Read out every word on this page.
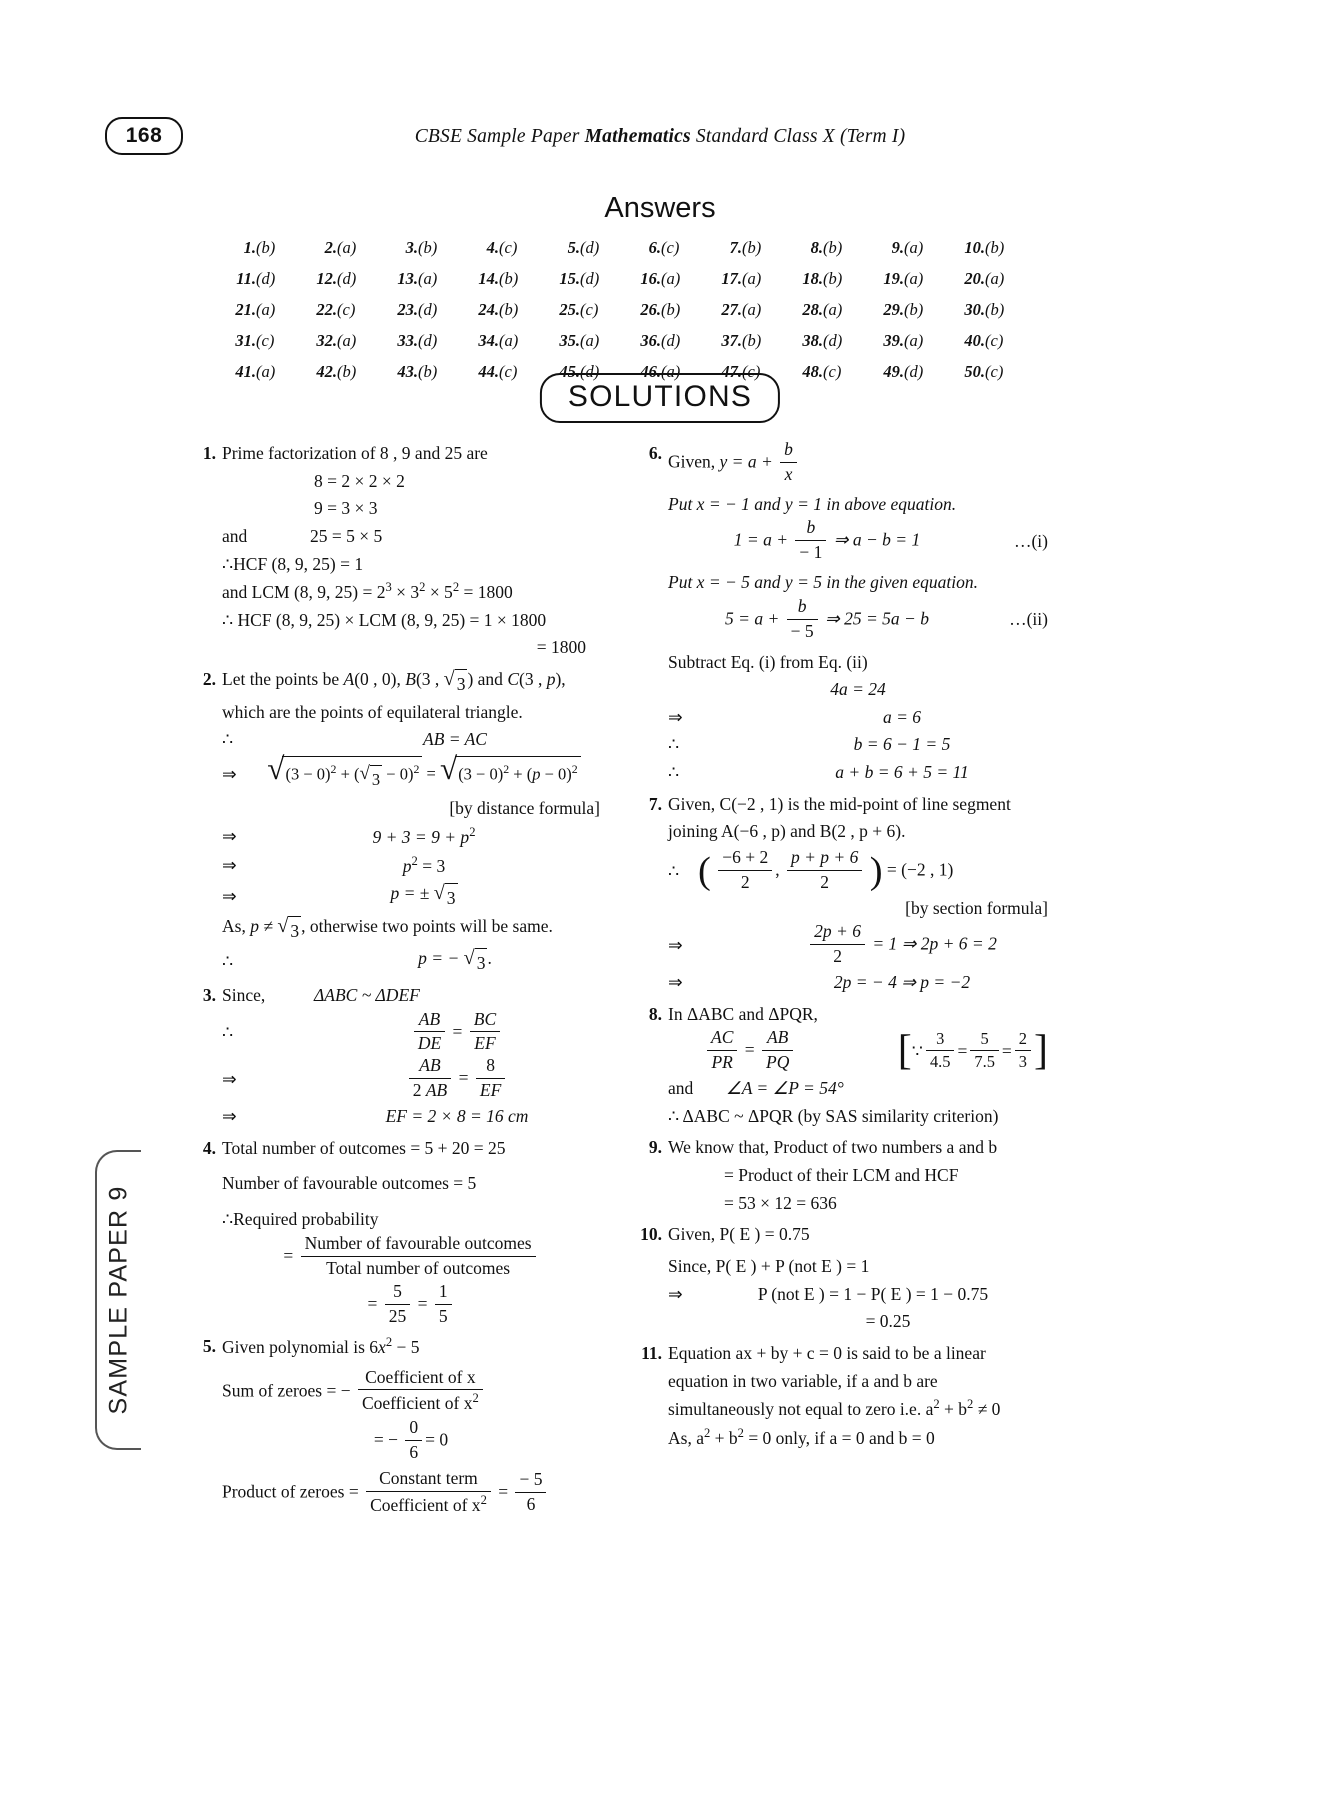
168	CBSE Sample Paper Mathematics Standard Class X (Term I)
SAMPLE PAPER 9
Answers
1.	(b)	2.	(a)	3.	(b)	4.	(c)	5.	(d)	6.	(c)	7.	(b)	8.	(b)	9.	(a)	10.	(b)
11.	(d)	12.	(d)	13.	(a)	14.	(b)	15.	(d)	16.	(a)	17.	(a)	18.	(b)	19.	(a)	20.	(a)
21.	(a)	22.	(c)	23.	(d)	24.	(b)	25.	(c)	26.	(b)	27.	(a)	28.	(a)	29.	(b)	30.	(b)
31.	(c)	32.	(a)	33.	(d)	34.	(a)	35.	(a)	36.	(d)	37.	(b)	38.	(d)	39.	(a)	40.	(c)
41.	(a)	42.	(b)	43.	(b)	44.	(c)	45.	(d)	46.	(a)	47.	(c)	48.	(c)	49.	(d)	50.	(c)
SOLUTIONS
1. Prime factorization of 8 , 9 and 25 are
8 = 2 × 2 × 2
9 = 3 × 3
and	25 = 5 × 5
∴HCF (8, 9, 25) = 1
and LCM (8, 9, $25) = 2^3 \times 3^2 \times 5^2 = 1800$
∴ HCF (8, 9, 25) × LCM (8, 9, 25) = 1 × 1800
= 1800
2. Let the points be A(0 , 0), B(3 , √ 3 ) and C(3 , p),
which are the points of equilateral triangle.
∴	AB = AC
⇒ √ $(3 - 0)^2$ + ( √ 3 − 0)$^2$ = √ $(3 - 0)^2 + (p - 0)^2$
[by distance formula]
⇒	$9 + 3 = 9 + p^2$
⇒	$p^2 = 3$
⇒	p = ± √ 3
As, p ≠ √ 3 , otherwise two points will be same.
∴	p = − √ 3 .
3. Since,	ΔABC ~ ΔDEF
∴	$\frac{AB}{DE} = \frac{BC}{EF}$
⇒	$\frac{AB}{2 AB} = \frac{8}{EF}$
⇒	EF = 2 × 8 = 16 cm
4. Total number of outcomes = 5 + 20 = 25
Number of favourable outcomes = 5
∴Required probability
= $\frac{\text{Number of favourable outcomes}}{\text{Total number of outcomes}}$
= $\frac{5}{25} = \frac{1}{5}$
5. Given polynomial is $6x^2 - 5$
Sum of zeroes = − $\frac{\text{Coefficient of x}}{Coefficient of x^2}$
= − $\frac{0}{6} = 0$
Product of zeroes = $\frac{\text{Constant term}}{Coefficient of x^2} = \frac{- 5}{6}$
6. Given, $y = a + \frac{b}{x}$
Put x = − 1 and y = 1 in above equation.
$1 = a + \frac{b}{- 1}$ ⇒ a − b = 1	…(i)
Put x = − 5 and y = 5 in the given equation.
$5 = a + \frac{b}{- 5}$ ⇒ 25 = 5a − b	…(ii)
Subtract Eq. (i) from Eq. (ii)
4a = 24
⇒	a = 6
∴	b = 6 − 1 = 5
∴	a + b = 6 + 5 = 11
7. Given, C(−2 , 1) is the mid-point of line segment
joining A(−6 , p) and B(2 , p + 6).
∴ ( $\frac{-6 + 2}{2}$ , $\frac{p + p + 6}{2}$ ) = (−2 , 1)
[by section formula]
⇒	$\frac{2p + 6}{2} = 1$ ⇒ 2p + 6 = 2
⇒	2p = − 4 ⇒ p = −2
8. In ΔABC and ΔPQR,
$\frac{AC}{PR} = \frac{AB}{PQ}$ [ ∵ $\frac{3}{4.5} = \frac{5}{7.5} = \frac{2}{3}$ ]
and	∠A = ∠P = 54°
∴ ΔABC ~ ΔPQR (by SAS similarity criterion)
9. We know that, Product of two numbers a and b
= Product of their LCM and HCF
= 53 × 12 = 636
10. Given, P( E ) = 0.75
Since, P( E ) + P (not E ) = 1
⇒	P (not E ) = 1 − P( E ) = 1 − 0.75
= 0.25
11. Equation ax + by + c = 0 is said to be a linear
equation in two variable, if a and b are
simultaneously not equal to zero i.e. $a^2 + b^2 \ne 0$
As, $a^2 + b^2 = 0$ only, if a = 0 and b = 0
